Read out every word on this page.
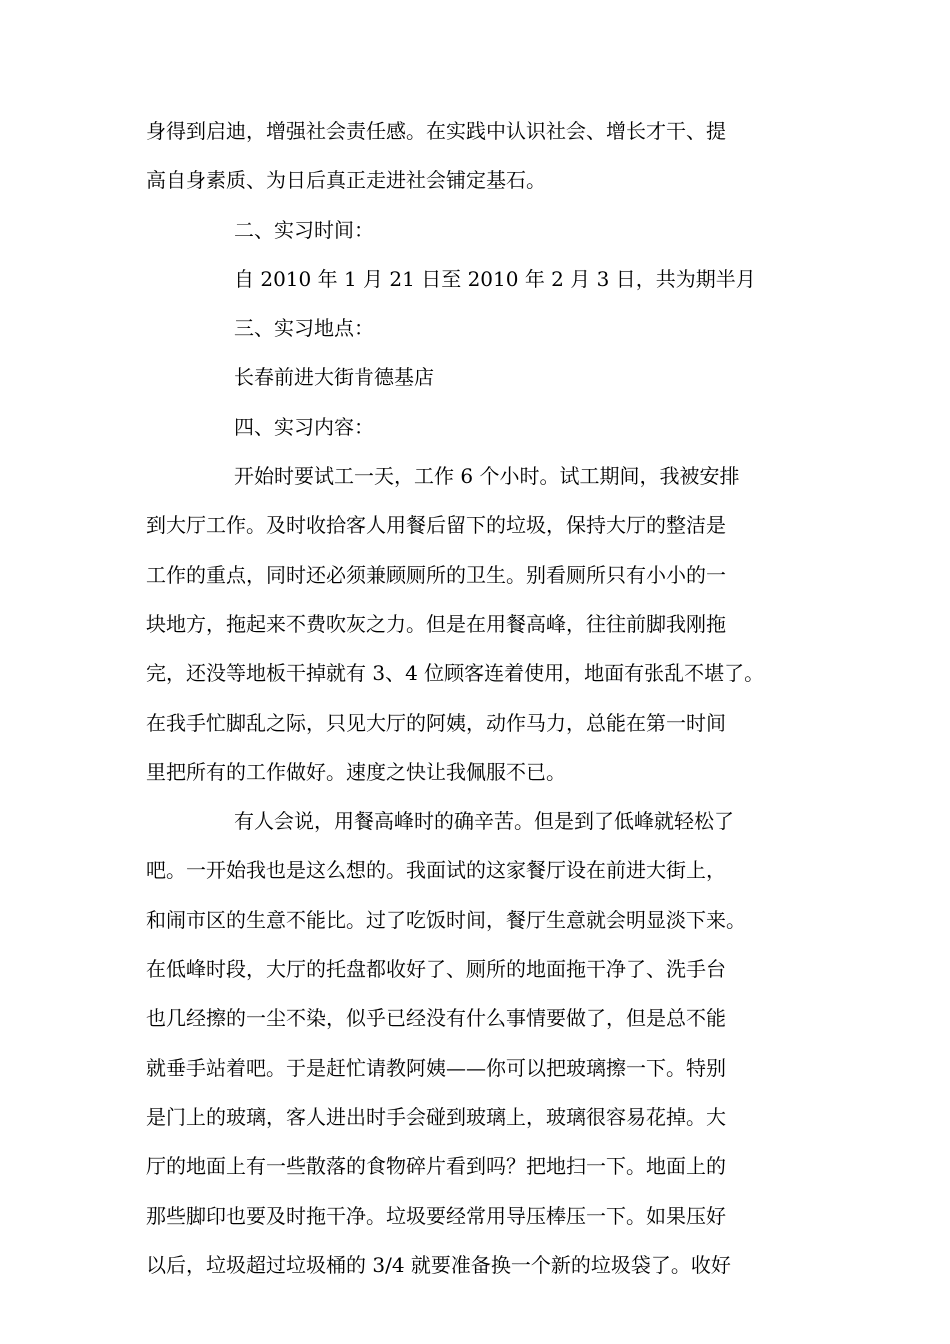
身得到启迪，增强社会责任感。在实践中认识社会、增长才干、提
高自身素质、为日后真正走进社会铺定基石。
二、实习时间：
自 2010 年 1 月 21 日至 2010 年 2 月 3 日，共为期半月
三、实习地点：
长春前进大街肯德基店
四、实习内容：
开始时要试工一天，工作 6 个小时。试工期间，我被安排
到大厅工作。及时收拾客人用餐后留下的垃圾，保持大厅的整洁是
工作的重点，同时还必须兼顾厕所的卫生。别看厕所只有小小的一
块地方，拖起来不费吹灰之力。但是在用餐高峰，往往前脚我刚拖
完，还没等地板干掉就有 3、4 位顾客连着使用，地面有张乱不堪了。
在我手忙脚乱之际，只见大厅的阿姨，动作马力，总能在第一时间
里把所有的工作做好。速度之快让我佩服不已。
有人会说，用餐高峰时的确辛苦。但是到了低峰就轻松了
吧。一开始我也是这么想的。我面试的这家餐厅设在前进大街上，
和闹市区的生意不能比。过了吃饭时间，餐厅生意就会明显淡下来。
在低峰时段，大厅的托盘都收好了、厕所的地面拖干净了、洗手台
也几经擦的一尘不染，似乎已经没有什么事情要做了，但是总不能
就垂手站着吧。于是赶忙请教阿姨——你可以把玻璃擦一下。特别
是门上的玻璃，客人进出时手会碰到玻璃上，玻璃很容易花掉。大
厅的地面上有一些散落的食物碎片看到吗？把地扫一下。地面上的
那些脚印也要及时拖干净。垃圾要经常用导压棒压一下。如果压好
以后，垃圾超过垃圾桶的 3/4 就要准备换一个新的垃圾袋了。收好
